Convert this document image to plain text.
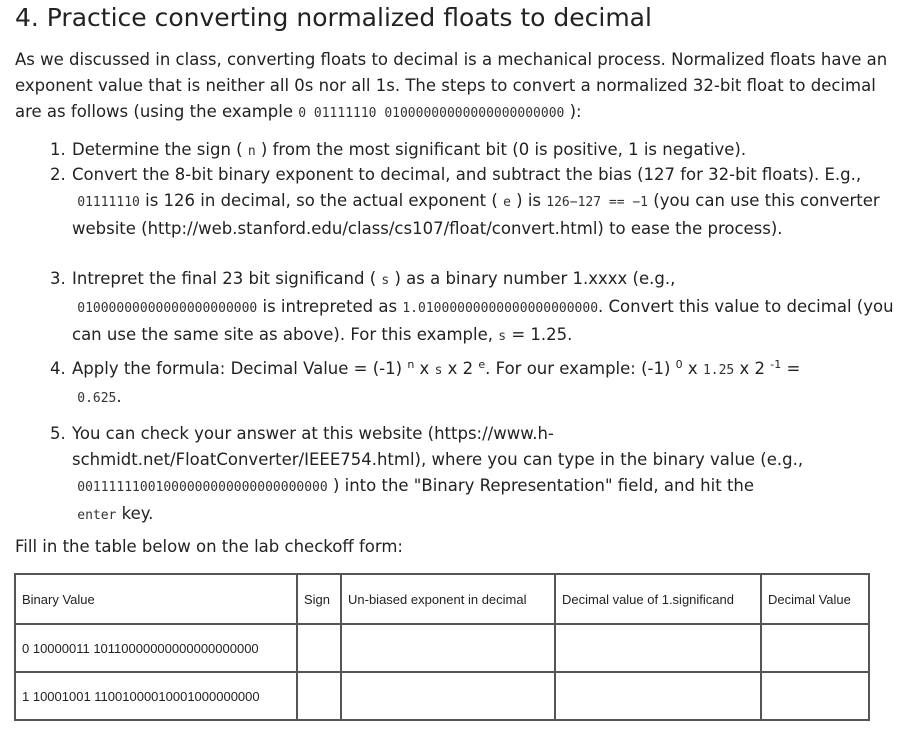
4. Practice converting normalized floats to decimal
As we discussed in class, converting floats to decimal is a mechanical process. Normalized floats have an exponent value that is neither all 0s nor all 1s. The steps to convert a normalized 32-bit float to decimal are as follows (using the example 0 01111110 01000000000000000000000 ):
1. Determine the sign ( n ) from the most significant bit (0 is positive, 1 is negative).
2. Convert the 8-bit binary exponent to decimal, and subtract the bias (127 for 32-bit floats). E.g.,
01111110 is 126 in decimal, so the actual exponent ( e ) is 126−127 == −1 (you can use this converter website (http://web.stanford.edu/class/cs107/float/convert.html) to ease the process).
3. Intrepret the final 23 bit significand ( s ) as a binary number 1.xxxx (e.g.,
01000000000000000000000 is intrepreted as 1.01000000000000000000000. Convert this value to decimal (you can use the same site as above). For this example, s = 1.25.
4. Apply the formula: Decimal Value = (-1) $^n$ x s x 2 $^e$. For our example: (-1) $^0$ x 1.25 x 2 $^{-1}$ =
0.625.
5. You can check your answer at this website (https://www.h-schmidt.net/FloatConverter/IEEE754.html), where you can type in the binary value (e.g.,
00111111001000000000000000000000 ) into the "Binary Representation" field, and hit the
enter key.
Fill in the table below on the lab checkoff form:
Binary Value	Sign	Un-biased exponent in decimal	Decimal value of 1.significand	Decimal Value
0 10000011 10110000000000000000000				
1 10001001 11001000010001000000000				
